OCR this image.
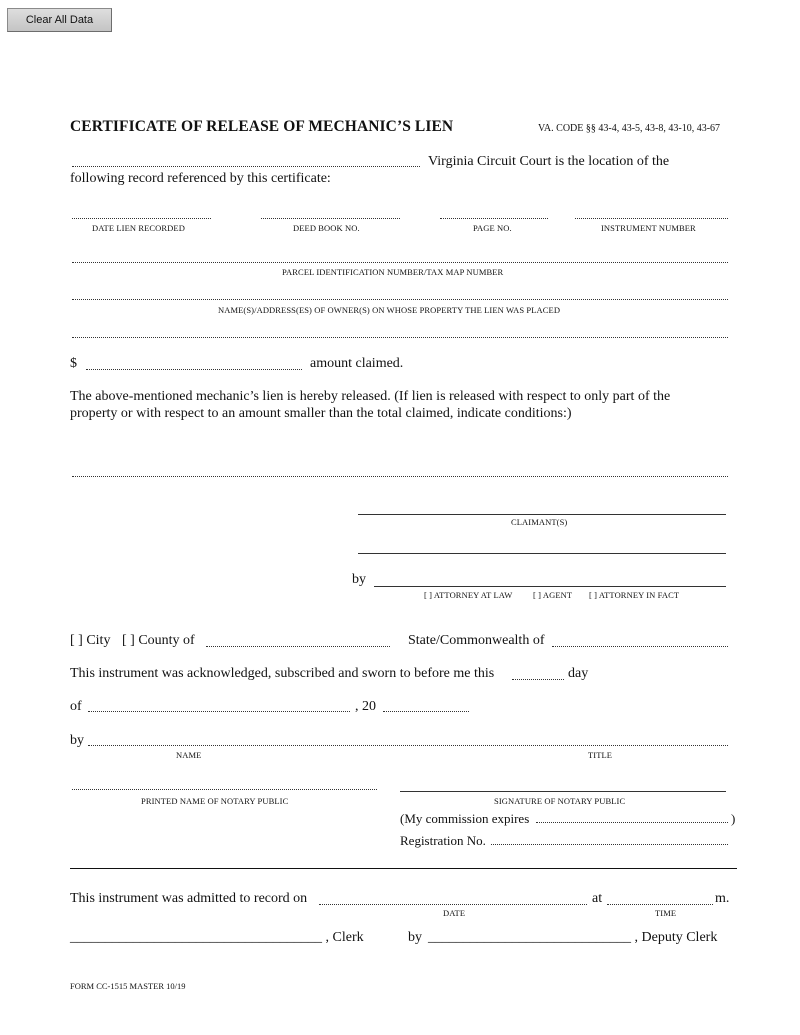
Clear All Data
CERTIFICATE OF RELEASE OF MECHANIC’S LIEN	VA. CODE §§ 43-4, 43-5, 43-8, 43-10, 43-67
Virginia Circuit Court is the location of the
following record referenced by this certificate:
DATE LIEN RECORDED	DEED BOOK NO.	PAGE NO.	INSTRUMENT NUMBER
PARCEL IDENTIFICATION NUMBER/TAX MAP NUMBER
NAME(S)/ADDRESS(ES) OF OWNER(S) ON WHOSE PROPERTY THE LIEN WAS PLACED
$	amount claimed.
The above-mentioned mechanic’s lien is hereby released. (If lien is released with respect to only part of the
property or with respect to an amount smaller than the total claimed, indicate conditions:)
CLAIMANT(S)
by
[ ] ATTORNEY AT LAW [ ] AGENT [ ] ATTORNEY IN FACT
[ ] City [ ] County of	State/Commonwealth of
This instrument was acknowledged, subscribed and sworn to before me this	day
of	, 20
by
NAME	TITLE
PRINTED NAME OF NOTARY PUBLIC	SIGNATURE OF NOTARY PUBLIC
(My commission expires	)
Registration No.
This instrument was admitted to record on	at	m.
DATE	TIME
____________________________________ , Clerk	by _____________________________ , Deputy Clerk
FORM CC-1515 MASTER 10/19
